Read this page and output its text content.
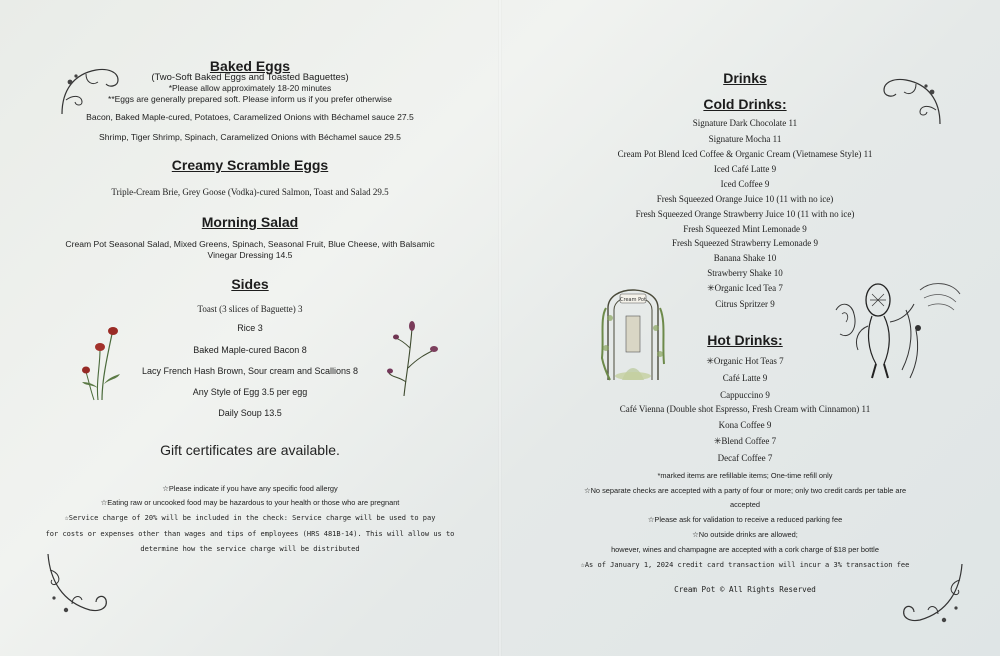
Baked Eggs
(Two-Soft Baked Eggs and Toasted Baguettes)
*Please allow approximately 18-20 minutes
**Eggs are generally prepared soft. Please inform us if you prefer otherwise
Bacon, Baked Maple-cured, Potatoes, Caramelized Onions with Béchamel sauce 27.5
Shrimp, Tiger Shrimp, Spinach, Caramelized Onions with Béchamel sauce 29.5
Creamy Scramble Eggs
Triple-Cream Brie, Grey Goose (Vodka)-cured Salmon, Toast and Salad 29.5
Morning Salad
Cream Pot Seasonal Salad, Mixed Greens, Spinach, Seasonal Fruit, Blue Cheese, with Balsamic
Vinegar Dressing 14.5
Sides
Toast (3 slices of Baguette) 3
Rice 3
Baked Maple-cured Bacon 8
Lacy French Hash Brown, Sour cream and Scallions 8
Any Style of Egg 3.5 per egg
Daily Soup 13.5
Gift certificates are available.
☆Please indicate if you have any specific food allergy
☆Eating raw or uncooked food may be hazardous to your health or those who are pregnant
☆Service charge of 20% will be included in the check: Service charge will be used to pay
for costs or expenses other than wages and tips of employees (HRS 481B-14). This will allow us to
determine how the service charge will be distributed
Drinks
Cold Drinks:
Signature Dark Chocolate 11
Signature Mocha 11
Cream Pot Blend Iced Coffee & Organic Cream (Vietnamese Style) 11
Iced Café Latte 9
Iced Coffee 9
Fresh Squeezed Orange Juice 10 (11 with no ice)
Fresh Squeezed Orange Strawberry Juice 10 (11 with no ice)
Fresh Squeezed Mint Lemonade 9
Fresh Squeezed Strawberry Lemonade 9
Banana Shake 10
Strawberry Shake 10
✳Organic Iced Tea 7
Citrus Spritzer 9
Cream Pot
Hot Drinks:
✳Organic Hot Teas 7
Café Latte 9
Cappuccino 9
Café Vienna (Double shot Espresso, Fresh Cream with Cinnamon) 11
Kona Coffee 9
✳Blend Coffee 7
Decaf Coffee 7
*marked items are refillable items; One-time refill only
☆No separate checks are accepted with a party of four or more; only two credit cards per table are
accepted
☆Please ask for validation to receive a reduced parking fee
☆No outside drinks are allowed;
however, wines and champagne are accepted with a cork charge of $18 per bottle
☆As of January 1, 2024 credit card transaction will incur a 3% transaction fee
Cream Pot © All Rights Reserved
